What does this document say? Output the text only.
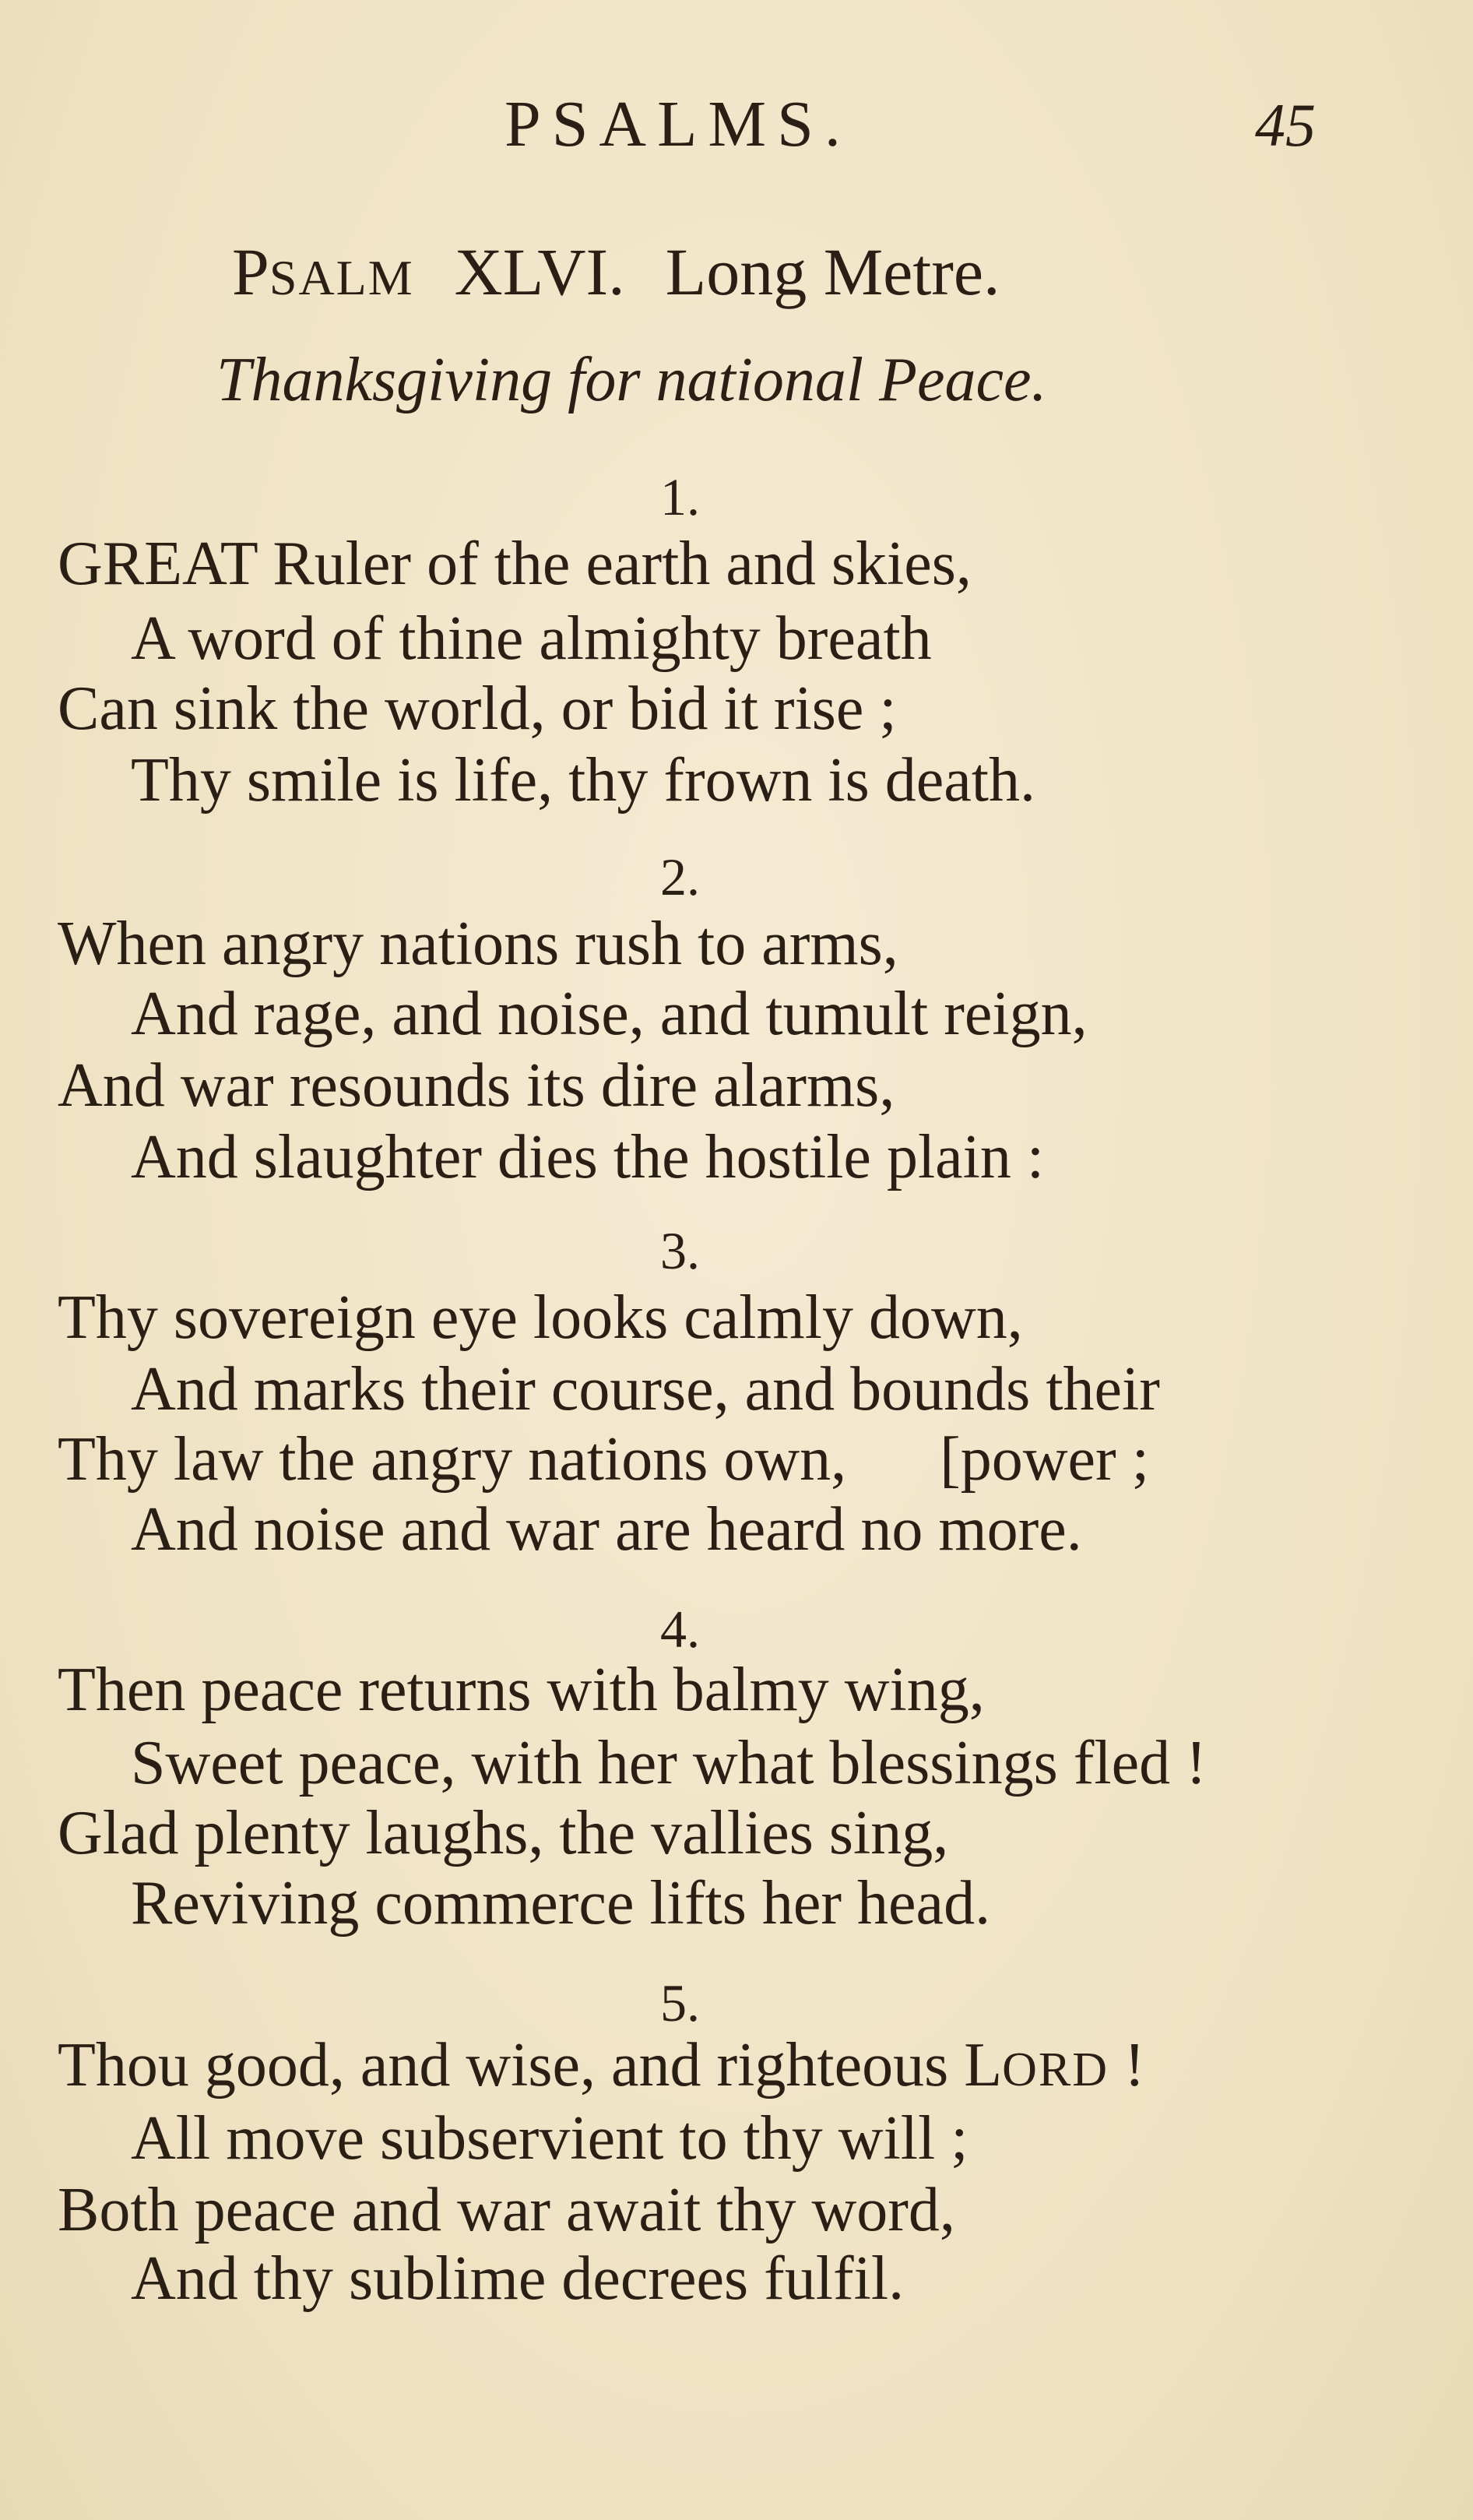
PSALMS.	45
PSALM XLVI. Long Metre.
Thanksgiving for national Peace.
1.
GREAT Ruler of the earth and skies,
A word of thine almighty breath
Can sink the world, or bid it rise ;
Thy smile is life, thy frown is death.
2.
When angry nations rush to arms,
And rage, and noise, and tumult reign,
And war resounds its dire alarms,
And slaughter dies the hostile plain :
3.
Thy sovereign eye looks calmly down,
And marks their course, and bounds their
Thy law the angry nations own,      [power ;
And noise and war are heard no more.
4.
Then peace returns with balmy wing,
Sweet peace, with her what blessings fled !
Glad plenty laughs, the vallies sing,
Reviving commerce lifts her head.
5.
Thou good, and wise, and righteous LORD !
All move subservient to thy will ;
Both peace and war await thy word,
And thy sublime decrees fulfil.
